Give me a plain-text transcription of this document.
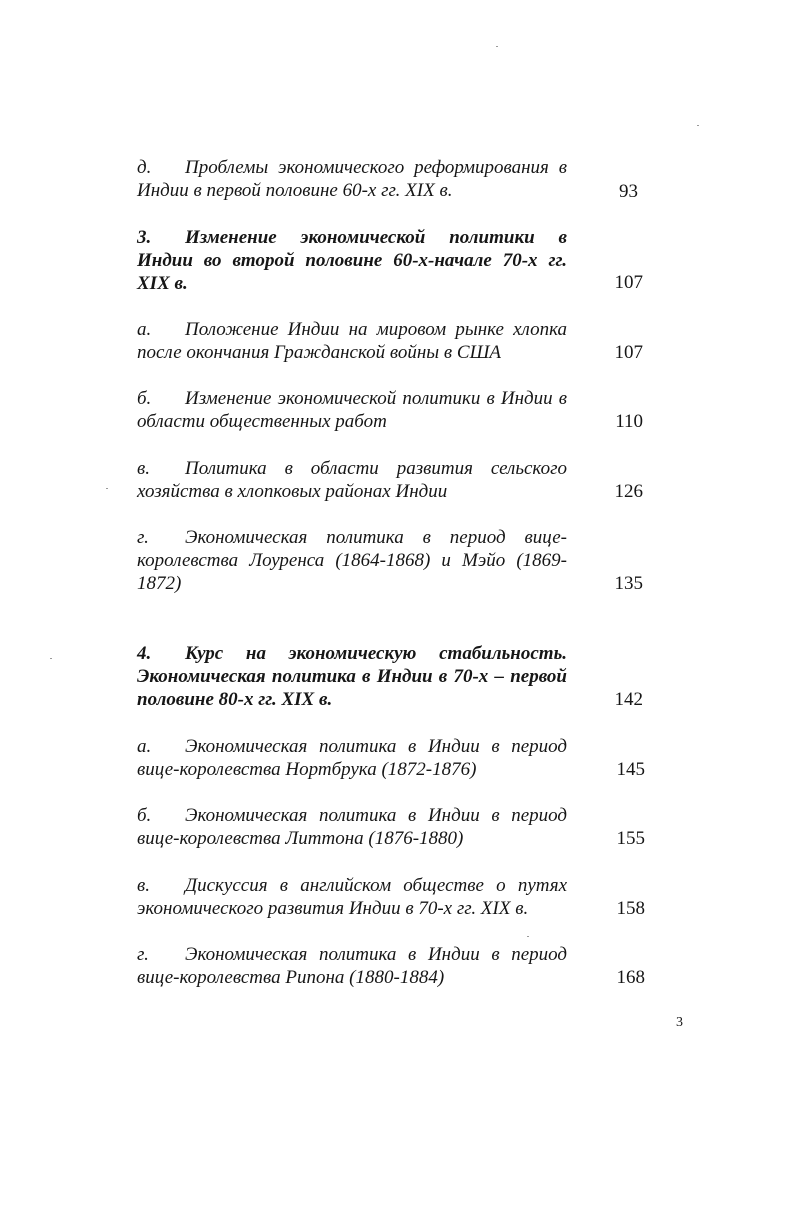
д. Проблемы экономического реформирования в Индии в первой половине 60-х гг. XIX в.	93
3. Изменение экономической политики в Индии во второй половине 60-х-начале 70-х гг. XIX в.	107
а. Положение Индии на мировом рынке хлопка после окончания Гражданской войны в США	107
б. Изменение экономической политики в Индии в области общественных работ	110
в. Политика в области развития сельского хозяйства в хлопковых районах Индии	126
г. Экономическая политика в период вице-королевства Лоуренса (1864-1868) и Мэйо (1869-1872)	135
4. Курс на экономическую стабильность. Экономическая политика в Индии в 70-х – первой половине 80-х гг. XIX в.	142
а. Экономическая политика в Индии в период вице-королевства Нортбрука (1872-1876)	145
б. Экономическая политика в Индии в период вице-королевства Литтона (1876-1880)	155
в. Дискуссия в английском обществе о путях экономического развития Индии в 70-х гг. XIX в.	158
г. Экономическая политика в Индии в период вице-королевства Рипона (1880-1884)	168
3
